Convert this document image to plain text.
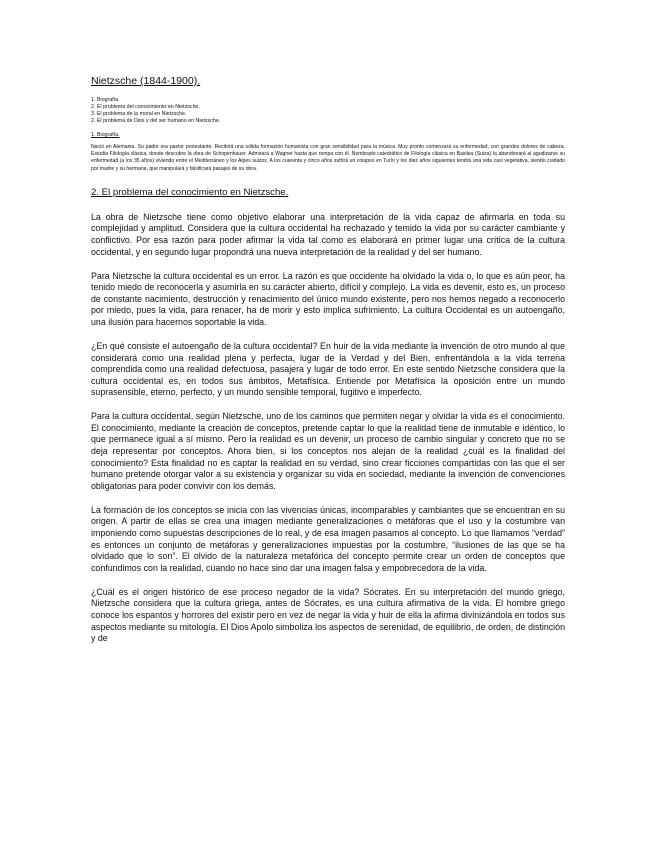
Nietzsche (1844-1900).
1. Biografía.
2. El problema del conocimiento en Nietzsche.
3. El problema de la moral en Nietzsche.
2. El problema de Dios y del ser humano en Nietzsche.
1. Biografía.

Nació en Alemania. Su padre era pastor protestante. Recibirá una sólida formación humanista con gran sensibilidad para la música. Muy pronto comenzará su enfermedad, con grandes dolores de cabeza. Estudia Filología clásica, donde descubre la obra de Schopenhauer. Admirará a Wagner hasta que rompa con él. Nombrado catedrático de Filología clásica en Basilea (Suiza) la abandonará al agudizarse su enfermedad (a los 35 años) viviendo entre el Mediterráneo y los Alpes suizos. A los cuarenta y cinco años sufrirá un colapso en Turín y los diez años siguientes tendrá una vida casi vegetativa, siendo cuidado por madre y su hermana, que manipulará y falsificará pasajes de su obra.

2. El problema del conocimiento en Nietzsche.

La obra de Nietzsche tiene como objetivo elaborar una interpretación de la vida capaz de afirmarla en toda su complejidad y amplitud. Considera que la cultura occidental ha rechazado y temido la vida por su carácter cambiante y conflictivo. Por esa razón para poder afirmar la vida tal como es elaborará en primer lugar una crítica de la cultura occidental, y en segundo lugar propondrá una nueva interpretación de la realidad y del ser humano.

Para Nietzsche la cultura occidental es un error. La razón es que occidente ha olvidado la vida o, lo que es aún peor, ha tenido miedo de reconocerla y asumirla en su carácter abierto, difícil y complejo. La vida es devenir, esto es, un proceso de constante nacimiento, destrucción y renacimiento del único mundo existente, pero nos hemos negado a reconocerlo por miedo, pues la vida, para renacer, ha de morir y esto implica sufrimiento. La cultura Occidental es un autoengaño, una ilusión para hacernos soportable la vida.

¿En qué consiste el autoengaño de la cultura occidental? En huir de la vida mediante la invención de otro mundo al que considerará como una realidad plena y perfecta, lugar de la Verdad y del Bien, enfrentándola a la vida terrena comprendida como una realidad defectuosa, pasajera y lugar de todo error. En este sentido Nietzsche considera que la cultura occidental es, en todos sus ámbitos, Metafísica. Entiende por Metafísica la oposición entre un mundo suprasensible, eterno, perfecto, y un mundo sensible temporal, fugitivo e imperfecto.

Para la cultura occidental, según Nietzsche, uno de los caminos que permiten negar y olvidar la vida es el conocimiento. El conocimiento, mediante la creación de conceptos, pretende captar lo que la realidad tiene de inmutable e idéntico, lo que permanece igual a sí mismo. Pero la realidad es un devenir, un proceso de cambio singular y concreto que no se deja representar por conceptos. Ahora bien, si los conceptos nos alejan de la realidad ¿cuál es la finalidad del conocimiento? Esta finalidad no es captar la realidad en su verdad, sino crear ficciones compartidas con las que el ser humano pretende otorgar valor a su existencia y organizar su vida en sociedad, mediante la invención de convenciones obligatorias para poder convivir con los demás.

La formación de los conceptos se inicia con las vivencias únicas, incomparables y cambiantes que se encuentran en su origen. A partir de ellas se crea una imagen mediante generalizaciones o metáforas que el uso y la costumbre van imponiendo como supuestas descripciones de lo real, y de esa imagen pasamos al concepto. Lo que llamamos “verdad” es entonces un conjunto de metáforas y generalizaciones impuestas por la costumbre, “ilusiones de las que se ha olvidado que lo son”. El olvido de la naturaleza metafórica del concepto permite crear un orden de conceptos que confundimos con la realidad, cuando no hace sino dar una imagen falsa y empobrecedora de la vida.

¿Cuál es el origen histórico de ese proceso negador de la vida? Sócrates. En su interpretación del mundo griego, Nietzsche considera que la cultura griega, antes de Sócrates, es una cultura afirmativa de la vida. El hombre griego conoce los espantos y horrores del existir pero en vez de negar la vida y huir de ella la afirma divinizándola en todos sus aspectos mediante su mitología. El Dios Apolo simboliza los aspectos de serenidad, de equilibrio, de orden, de distinción y de
